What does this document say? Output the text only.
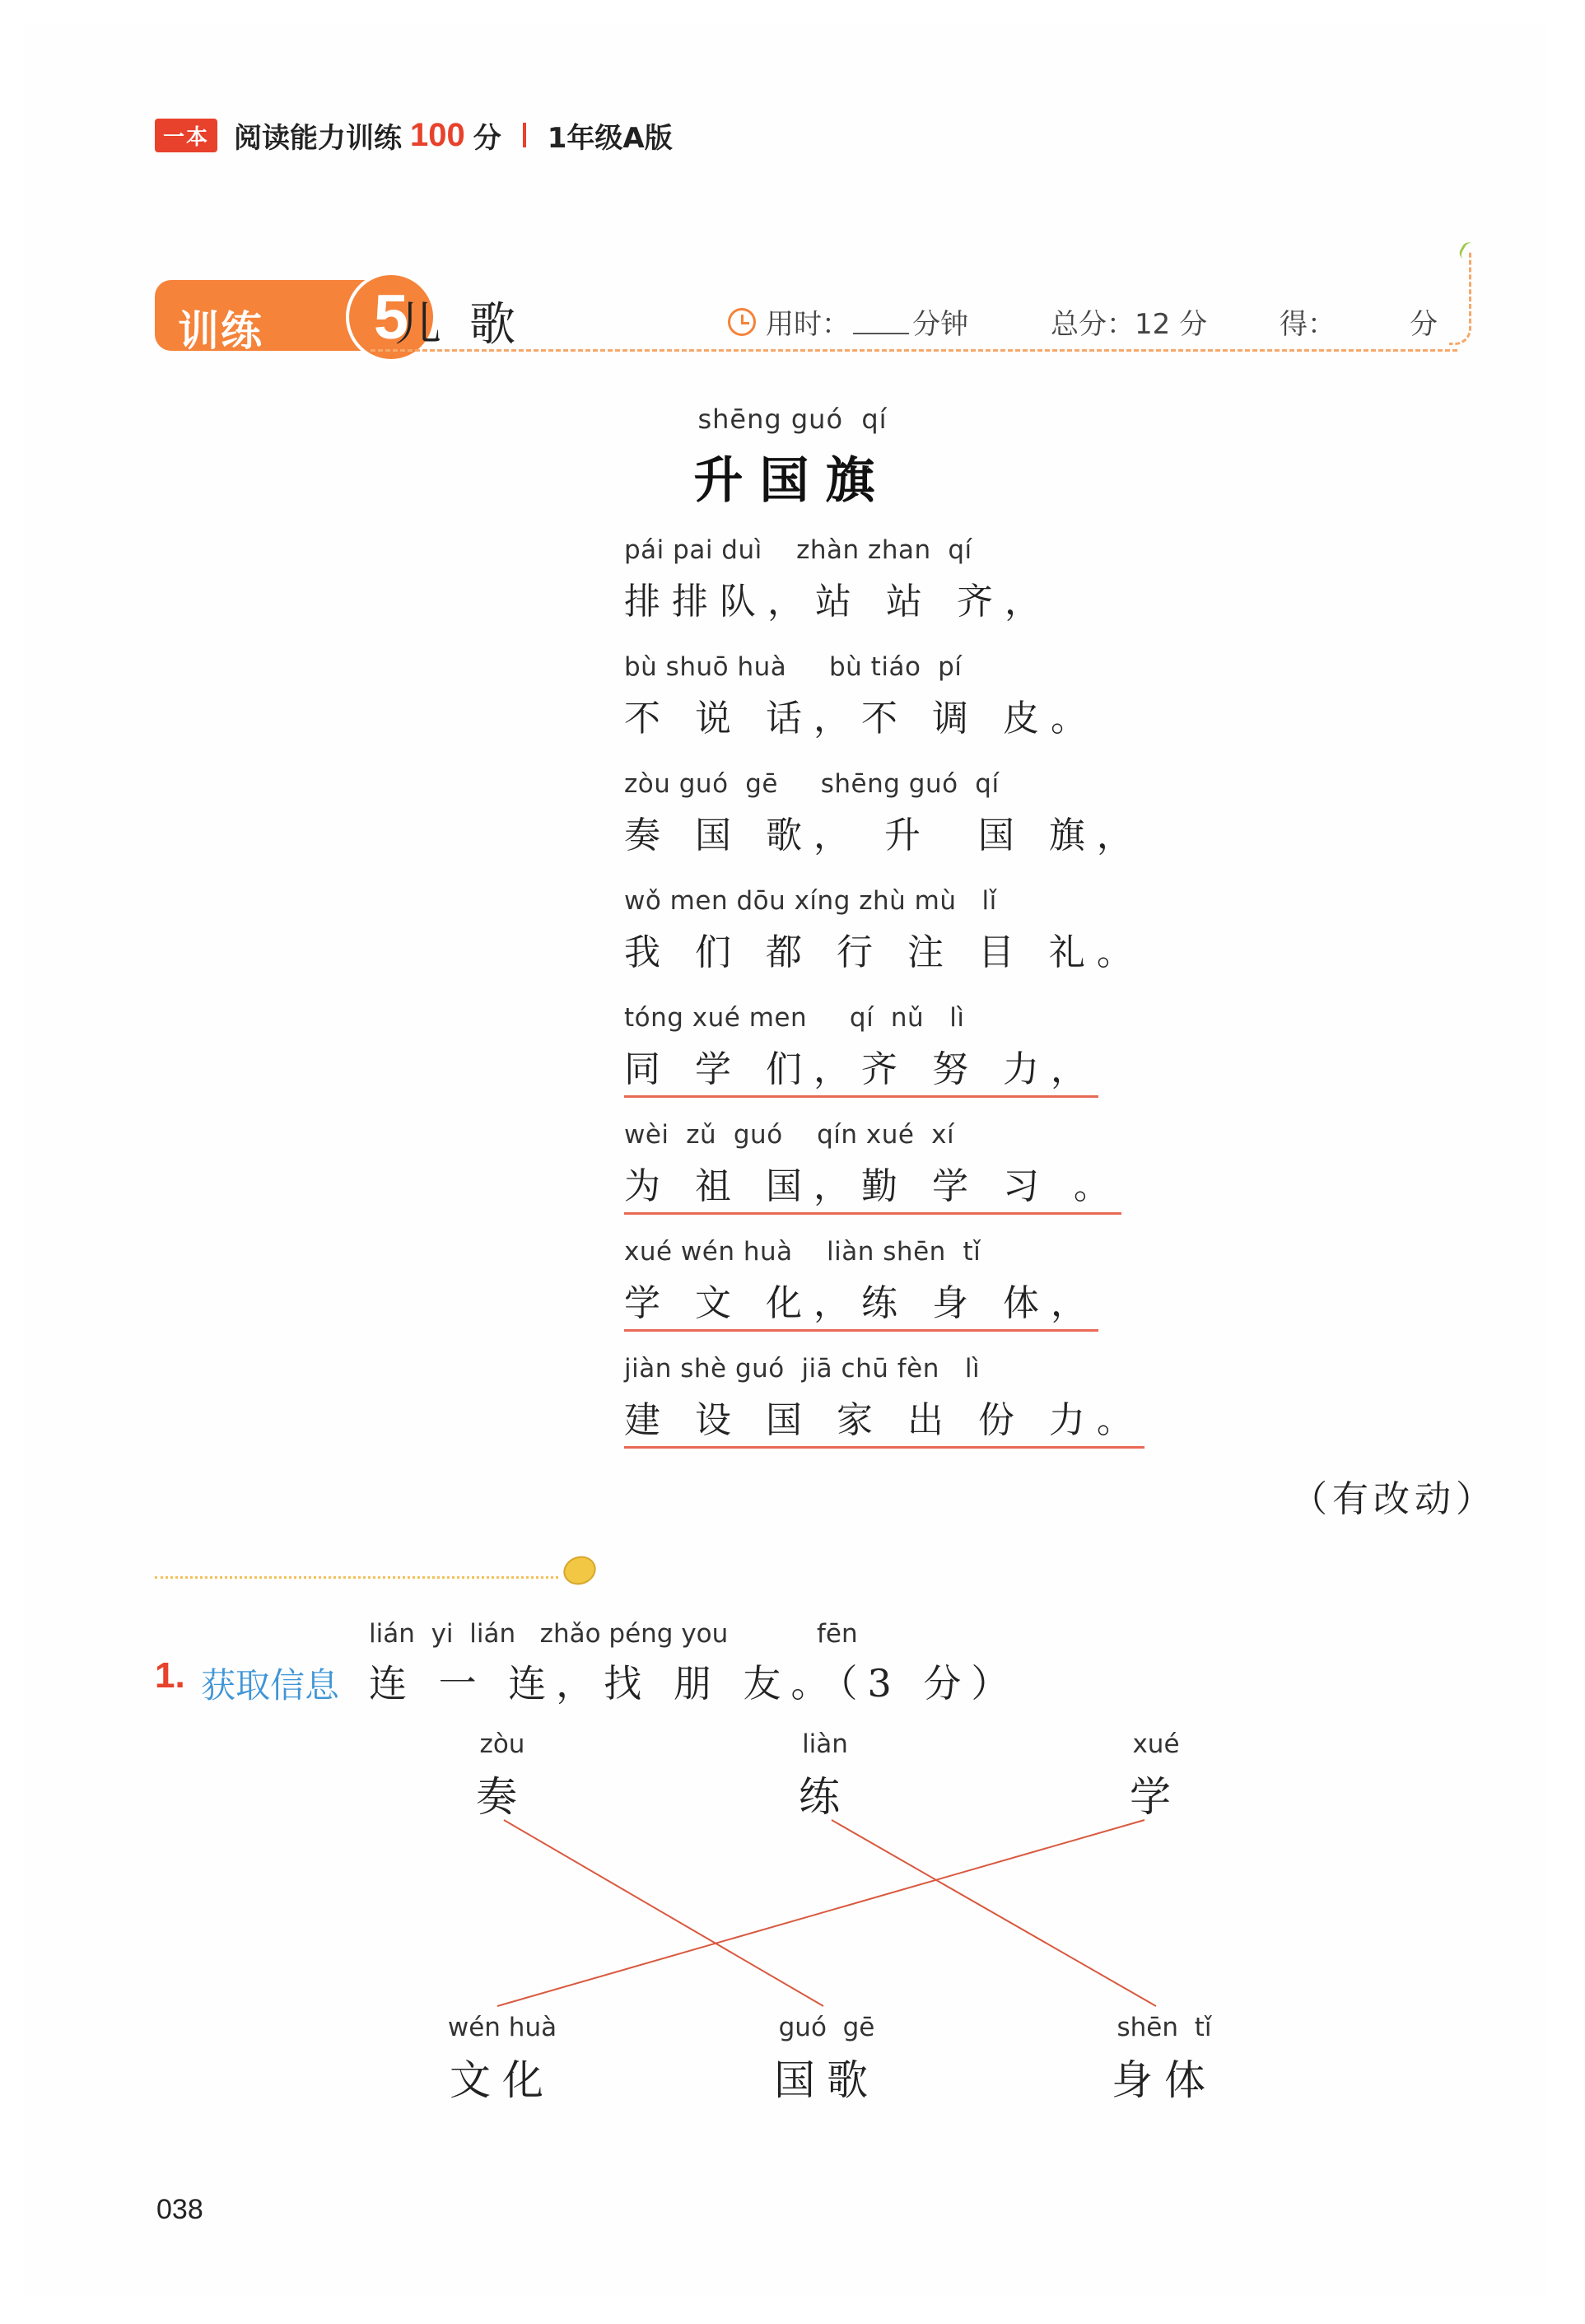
一本 阅读能力训练 100 分 1年级A版
训练	5
儿歌	用时： 分钟	总分：12 分	得：	分
shēng guó  qí
升国旗
pái pai duì    zhàn zhan  qí
排排队，站 站 齐，
bù shuō huà     bù tiáo  pí
不 说 话，不 调 皮。
zòu guó  gē     shēng guó  qí
奏 国 歌， 升  国 旗，
wǒ men dōu xíng zhù mù   lǐ
我 们 都 行 注 目 礼。
tóng xué men     qí  nǔ   lì
同 学 们，齐 努 力，
wèi  zǔ  guó    qín xué  xí
为 祖 国，勤 学 习 。
xué wén huà    liàn shēn  tǐ
学 文 化，练 身 体，
jiàn shè guó  jiā chū fèn   lì
建 设 国 家 出 份 力。
（有改动）
lián  yi  lián   zhǎo péng you	fēn
1. 获取信息 连 一 连，找 朋 友。（3 分）
zòu
奏
liàn
练
xué
学
wén huà
文化
guó  gē
国歌
shēn  tǐ
身体
038
